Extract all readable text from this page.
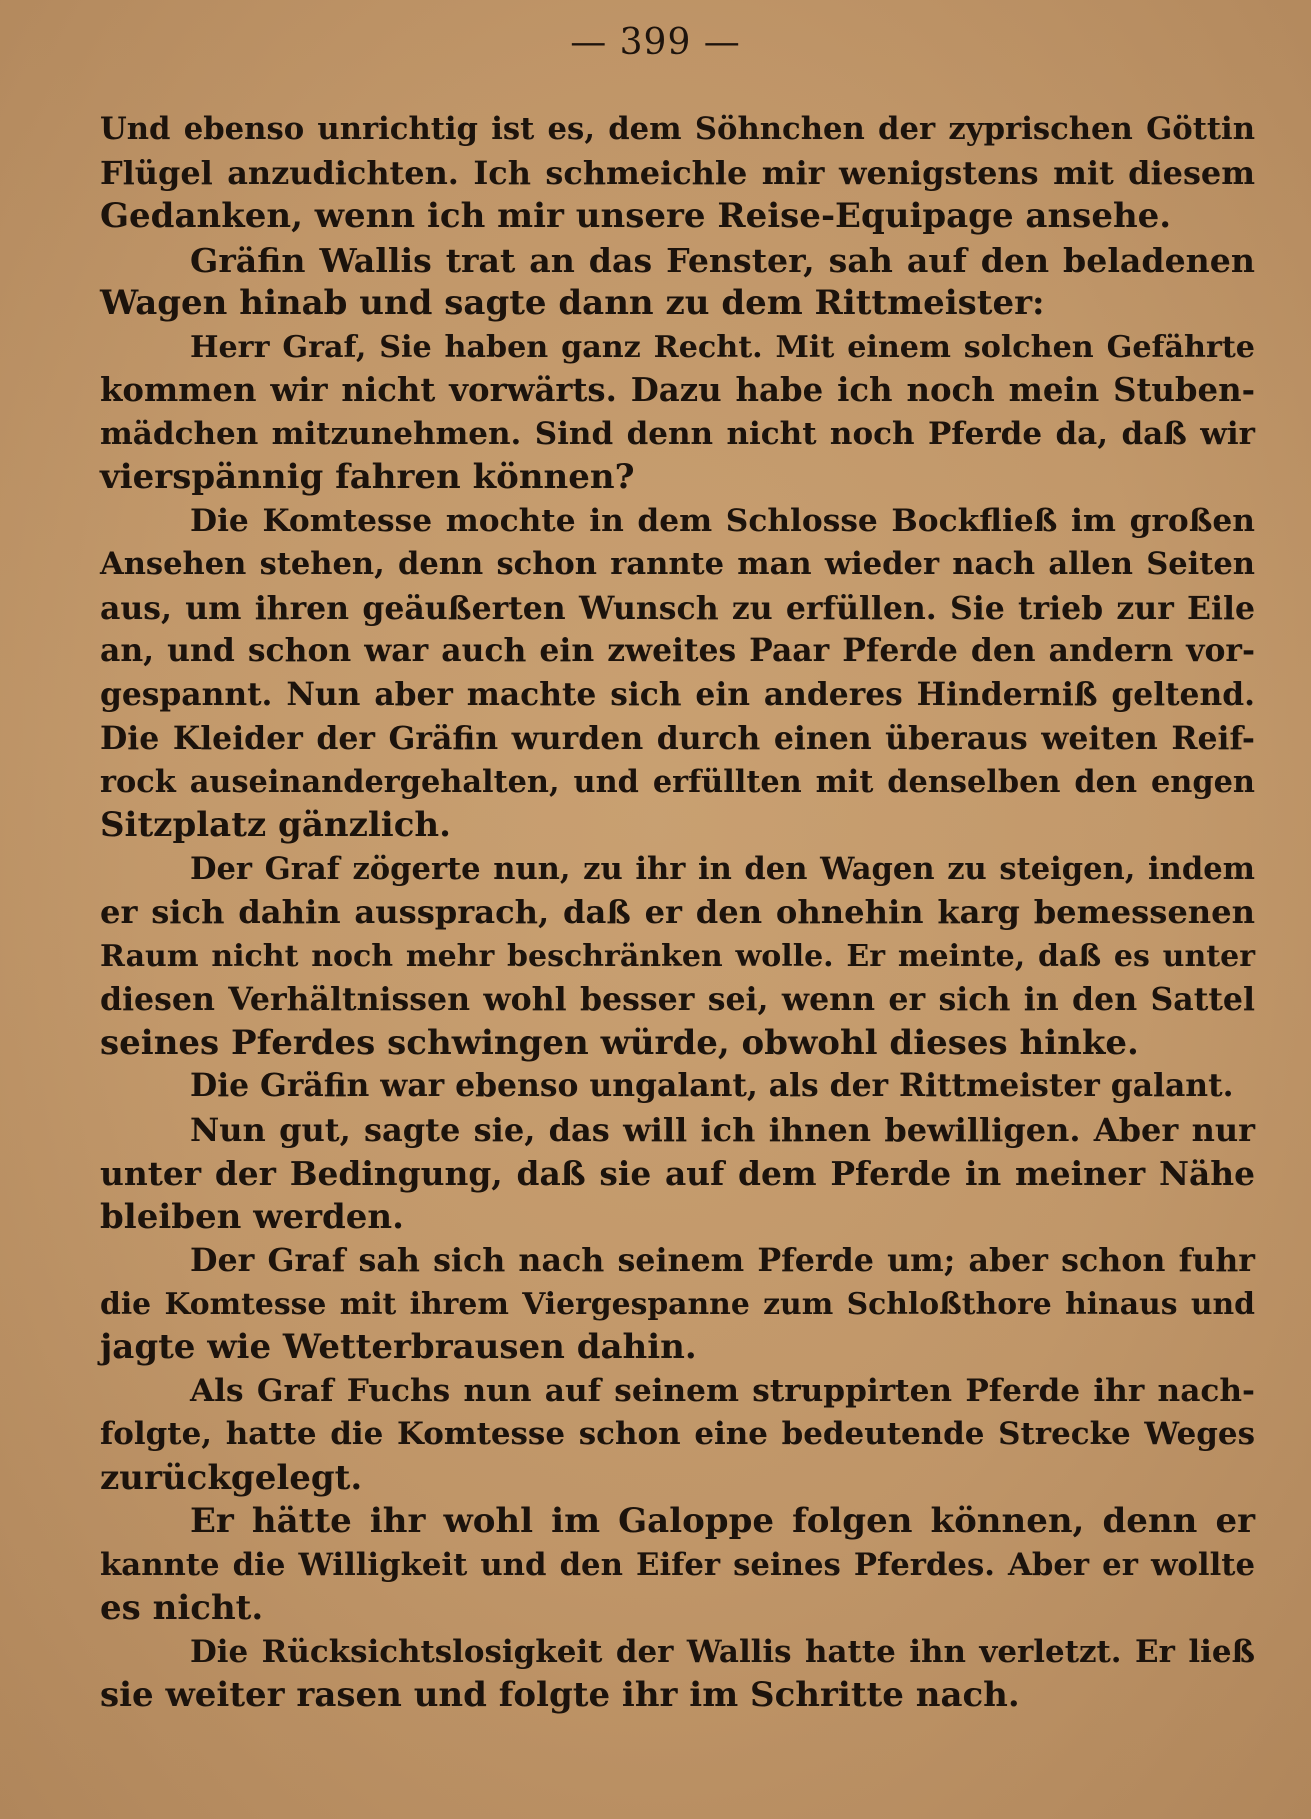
— 399 —
Und ebenso unrichtig ist es, dem Söhnchen der zyprischen Göttin
Flügel anzudichten. Ich schmeichle mir wenigstens mit diesem
Gedanken, wenn ich mir unsere Reise-Equipage ansehe.
Gräfin Wallis trat an das Fenster, sah auf den beladenen
Wagen hinab und sagte dann zu dem Rittmeister:
Herr Graf, Sie haben ganz Recht. Mit einem solchen Gefährte
kommen wir nicht vorwärts. Dazu habe ich noch mein Stuben-
mädchen mitzunehmen. Sind denn nicht noch Pferde da, daß wir
vierspännig fahren können?
Die Komtesse mochte in dem Schlosse Bockfließ im großen
Ansehen stehen, denn schon rannte man wieder nach allen Seiten
aus, um ihren geäußerten Wunsch zu erfüllen. Sie trieb zur Eile
an, und schon war auch ein zweites Paar Pferde den andern vor-
gespannt. Nun aber machte sich ein anderes Hinderniß geltend.
Die Kleider der Gräfin wurden durch einen überaus weiten Reif-
rock auseinandergehalten, und erfüllten mit denselben den engen
Sitzplatz gänzlich.
Der Graf zögerte nun, zu ihr in den Wagen zu steigen, indem
er sich dahin aussprach, daß er den ohnehin karg bemessenen
Raum nicht noch mehr beschränken wolle. Er meinte, daß es unter
diesen Verhältnissen wohl besser sei, wenn er sich in den Sattel
seines Pferdes schwingen würde, obwohl dieses hinke.
Die Gräfin war ebenso ungalant, als der Rittmeister galant.
Nun gut, sagte sie, das will ich ihnen bewilligen. Aber nur
unter der Bedingung, daß sie auf dem Pferde in meiner Nähe
bleiben werden.
Der Graf sah sich nach seinem Pferde um; aber schon fuhr
die Komtesse mit ihrem Viergespanne zum Schloßthore hinaus und
jagte wie Wetterbrausen dahin.
Als Graf Fuchs nun auf seinem struppirten Pferde ihr nach-
folgte, hatte die Komtesse schon eine bedeutende Strecke Weges
zurückgelegt.
Er hätte ihr wohl im Galoppe folgen können, denn er
kannte die Willigkeit und den Eifer seines Pferdes. Aber er wollte
es nicht.
Die Rücksichtslosigkeit der Wallis hatte ihn verletzt. Er ließ
sie weiter rasen und folgte ihr im Schritte nach.
